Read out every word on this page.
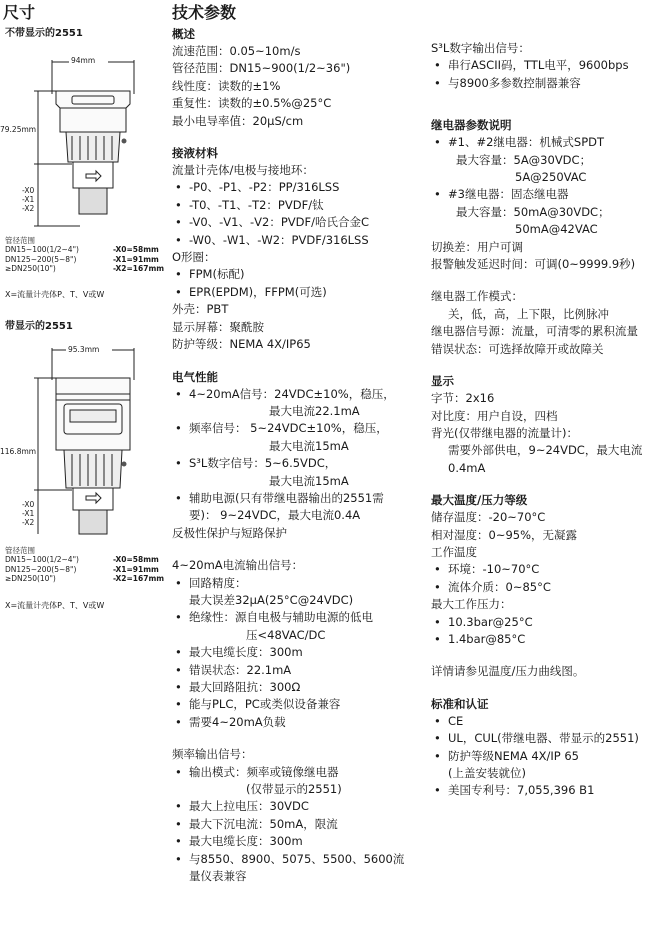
尺寸
不带显示的2551
94mm
79.25mm
-X0
-X1
-X2
管径范围
DN15~100(1/2~4")	-X0=58mm
DN125~200(5~8")	-X1=91mm
≥DN250(10")	-X2=167mm
X=流量计壳体P、T、V或W
带显示的2551
95.3mm
116.8mm
-X0
-X1
-X2
管径范围
DN15~100(1/2~4")	-X0=58mm
DN125~200(5~8")	-X1=91mm
≥DN250(10")	-X2=167mm
X=流量计壳体P、T、V或W
技术参数
概述
流速范围：0.05~10m/s
管径范围：DN15~900(1/2~36")
线性度：读数的±1%
重复性：读数的±0.5%@25°C
最小电导率值：20μS/cm
接液材料
流量计壳体/电极与接地环：
• -P0、-P1、-P2：PP/316LSS
• -T0、-T1、-T2：PVDF/钛
• -V0、-V1、-V2：PVDF/哈氏合金C
• -W0、-W1、-W2：PVDF/316LSS
O形圈：
• FPM(标配)
• EPR(EPDM)，FFPM(可选)
外壳：PBT
显示屏幕：聚酰胺
防护等级：NEMA 4X/IP65
电气性能
• 4~20mA信号：24VDC±10%，稳压，
最大电流22.1mA
• 频率信号： 5~24VDC±10%，稳压，
最大电流15mA
• S³L数字信号：5~6.5VDC，
最大电流15mA
• 辅助电源(只有带继电器输出的2551需
要)： 9~24VDC，最大电流0.4A
反极性保护与短路保护
4~20mA电流输出信号：
• 回路精度：
最大误差32μA(25°C@24VDC)
• 绝缘性：源自电极与辅助电源的低电
压<48VAC/DC
• 最大电缆长度：300m
• 错误状态：22.1mA
• 最大回路阻抗：300Ω
• 能与PLC，PC或类似设备兼容
• 需要4~20mA负载
频率输出信号：
• 输出模式：频率或镜像继电器
(仅带显示的2551)
• 最大上拉电压：30VDC
• 最大下沉电流：50mA，限流
• 最大电缆长度：300m
• 与8550、8900、5075、5500、5600流
量仪表兼容
S³L数字输出信号：
• 串行ASCII码，TTL电平，9600bps
• 与8900多参数控制器兼容
继电器参数说明
• #1、#2继电器：机械式SPDT
最大容量：5A@30VDC；
5A@250VAC
• #3继电器：固态继电器
最大容量：50mA@30VDC；
50mA@42VAC
切换差：用户可调
报警触发延迟时间：可调(0~9999.9秒)
继电器工作模式：
关，低，高，上下限，比例脉冲
继电器信号源：流量，可清零的累积流量
错误状态：可选择故障开或故障关
显示
字节：2x16
对比度：用户自设，四档
背光(仅带继电器的流量计)：
需要外部供电，9~24VDC，最大电流
0.4mA
最大温度/压力等级
储存温度：-20~70°C
相对湿度：0~95%，无凝露
工作温度
• 环境：-10~70°C
• 流体介质：0~85°C
最大工作压力：
• 10.3bar@25°C
• 1.4bar@85°C
详情请参见温度/压力曲线图。
标准和认证
• CE
• UL，CUL(带继电器、带显示的2551)
• 防护等级NEMA 4X/IP 65
(上盖安装就位)
• 美国专利号：7,055,396 B1
